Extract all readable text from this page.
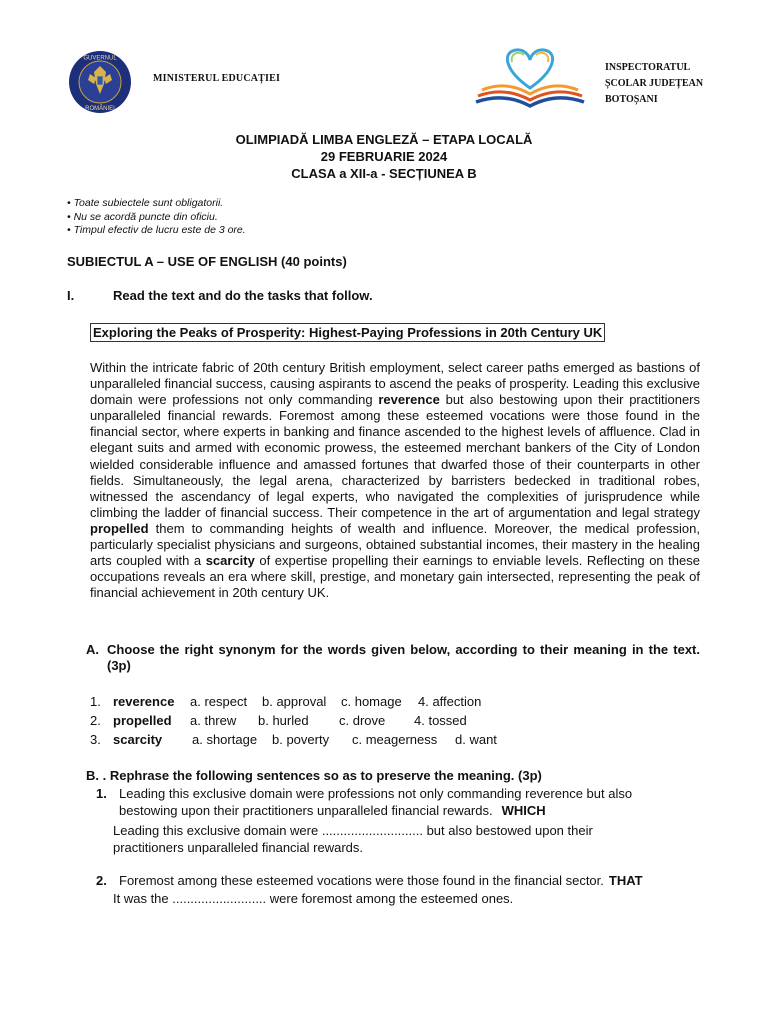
GUVERNUL
ROMÂNIEI
MINISTERUL EDUCAȚIEI
INSPECTORATUL
ȘCOLAR JUDEȚEAN
BOTOȘANI
OLIMPIADĂ LIMBA ENGLEZĂ – ETAPA LOCALĂ
29 FEBRUARIE 2024
CLASA a XII-a - SECȚIUNEA B
• Toate subiectele sunt obligatorii.
• Nu se acordă puncte din oficiu.
• Timpul efectiv de lucru este de 3 ore.
SUBIECTUL A – USE OF ENGLISH (40 points)
I.	Read the text and do the tasks that follow.
Exploring the Peaks of Prosperity: Highest-Paying Professions in 20th Century UK
Within the intricate fabric of 20th century British employment, select career paths emerged as bastions of unparalleled financial success, causing aspirants to ascend the peaks of prosperity. Leading this exclusive domain were professions not only commanding reverence but also bestowing upon their practitioners unparalleled financial rewards. Foremost among these esteemed vocations were those found in the financial sector, where experts in banking and finance ascended to the highest levels of affluence. Clad in elegant suits and armed with economic prowess, the esteemed merchant bankers of the City of London wielded considerable influence and amassed fortunes that dwarfed those of their counterparts in other fields. Simultaneously, the legal arena, characterized by barristers bedecked in traditional robes, witnessed the ascendancy of legal experts, who navigated the complexities of jurisprudence while climbing the ladder of financial success. Their competence in the art of argumentation and legal strategy propelled them to commanding heights of wealth and influence. Moreover, the medical profession, particularly specialist physicians and surgeons, obtained substantial incomes, their mastery in the healing arts coupled with a scarcity of expertise propelling their earnings to enviable levels. Reflecting on these occupations reveals an era where skill, prestige, and monetary gain intersected, representing the peak of financial achievement in 20th century UK.
A. Choose the right synonym for the words given below, according to their meaning in the text. (3p)
1. reverence a. respect b. approval c. homage 4. affection
2. propelled a. threw b. hurled c. drove 4. tossed
3. scarcity a. shortage b. poverty c. meagerness d. want
B. . Rephrase the following sentences so as to preserve the meaning. (3p)
1. Leading this exclusive domain were professions not only commanding reverence but also
bestowing upon their practitioners unparalleled financial rewards. WHICH
Leading this exclusive domain were ............................ but also bestowed upon their
practitioners unparalleled financial rewards.
2. Foremost among these esteemed vocations were those found in the financial sector. THAT
It was the .......................... were foremost among the esteemed ones.
